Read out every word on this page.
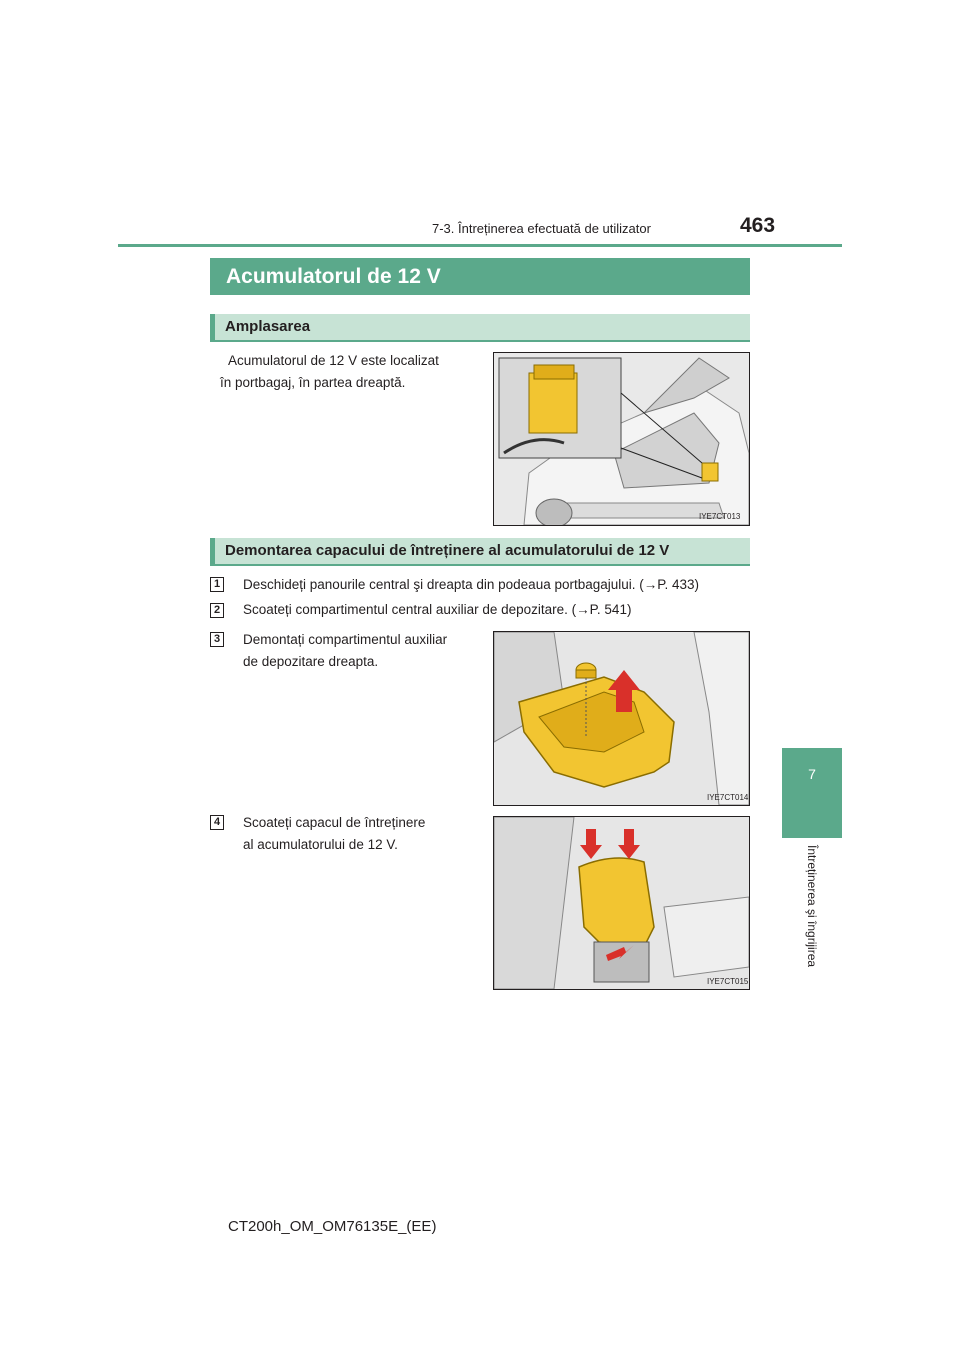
7-3. Întreținerea efectuată de utilizator	463
7
Întreținerea şi îngrijirea
Acumulatorul de 12 V
Amplasarea
Acumulatorul de 12 V este localizat
în portbagaj, în partea dreaptă.
IYE7CT013
Demontarea capacului de întreținere al acumulatorului de 12 V
1 Deschideți panourile central şi dreapta din podeaua portbagajului. (→P. 433)
2 Scoateți compartimentul central auxiliar de depozitare. (→P. 541)
3 Demontați compartimentul auxiliar
de depozitare dreapta.
IYE7CT014
4 Scoateți capacul de întreținere
al acumulatorului de 12 V.
IYE7CT015
CT200h_OM_OM76135E_(EE)
